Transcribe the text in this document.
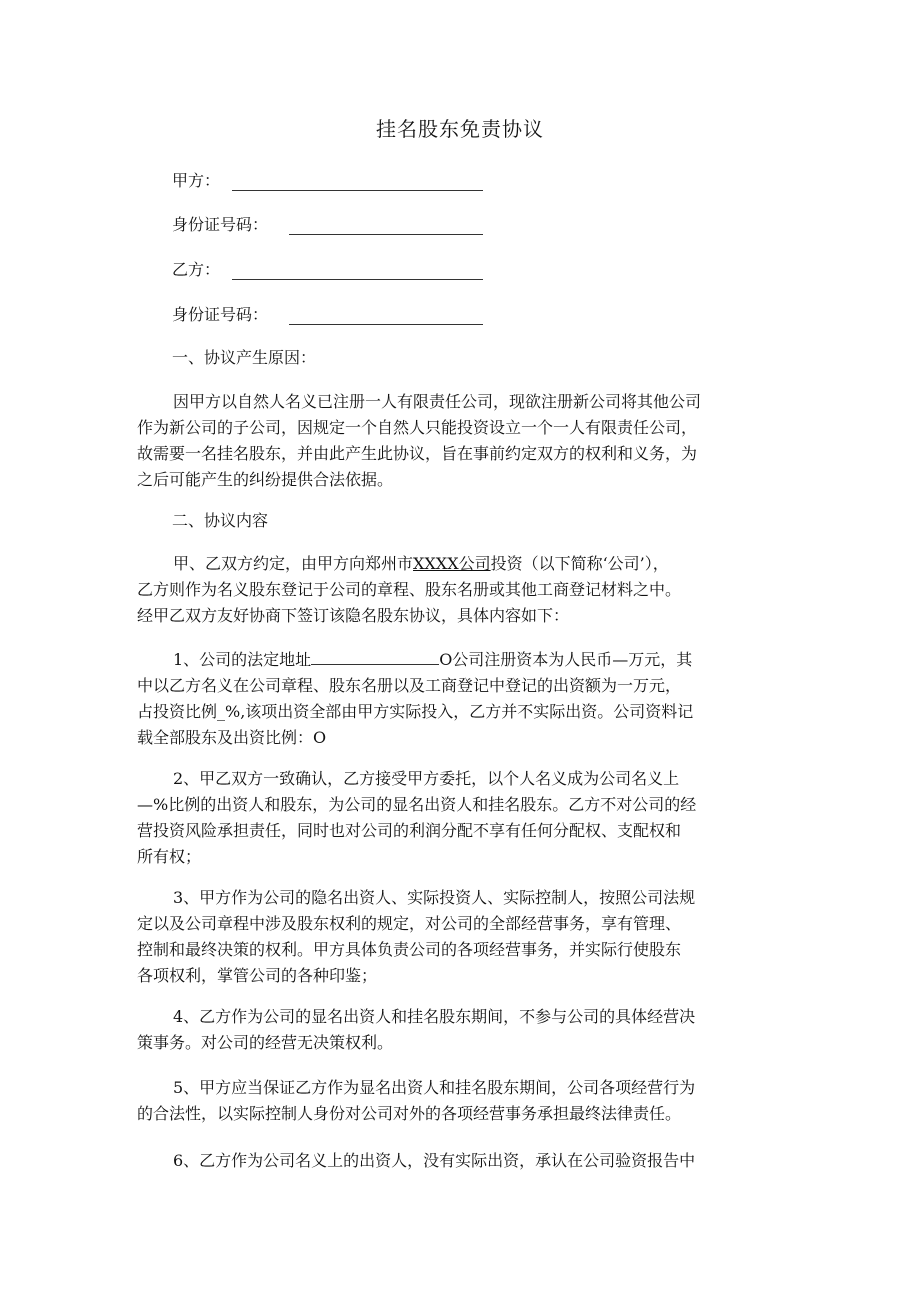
挂名股东免责协议
甲方：
身份证号码：
乙方：
身份证号码：
一、协议产生原因：
因甲方以自然人名义已注册一人有限责任公司，现欲注册新公司将其他公司
作为新公司的子公司，因规定一个自然人只能投资设立一个一人有限责任公司，
故需要一名挂名股东，并由此产生此协议，旨在事前约定双方的权利和义务，为
之后可能产生的纠纷提供合法依据。
二、协议内容
甲、乙双方约定，由甲方向郑州市XXXX公司投资（以下简称‘公司’），
乙方则作为名义股东登记于公司的章程、股东名册或其他工商登记材料之中。
经甲乙双方友好协商下签订该隐名股东协议，具体内容如下：
1、公司的法定地址	O公司注册资本为人民币—万元，其
中以乙方名义在公司章程、股东名册以及工商登记中登记的出资额为一万元，
占投资比例_%,该项出资全部由甲方实际投入，乙方并不实际出资。公司资料记
载全部股东及出资比例：O
2、甲乙双方一致确认，乙方接受甲方委托，以个人名义成为公司名义上
—%比例的出资人和股东，为公司的显名出资人和挂名股东。乙方不对公司的经
营投资风险承担责任，同时也对公司的利润分配不享有任何分配权、支配权和
所有权；
3、甲方作为公司的隐名出资人、实际投资人、实际控制人，按照公司法规
定以及公司章程中涉及股东权利的规定，对公司的全部经营事务，享有管理、
控制和最终决策的权利。甲方具体负责公司的各项经营事务，并实际行使股东
各项权利，掌管公司的各种印鉴；
4、乙方作为公司的显名出资人和挂名股东期间，不参与公司的具体经营决
策事务。对公司的经营无决策权利。
5、甲方应当保证乙方作为显名出资人和挂名股东期间，公司各项经营行为
的合法性，以实际控制人身份对公司对外的各项经营事务承担最终法律责任。
6、乙方作为公司名义上的出资人，没有实际出资，承认在公司验资报告中
